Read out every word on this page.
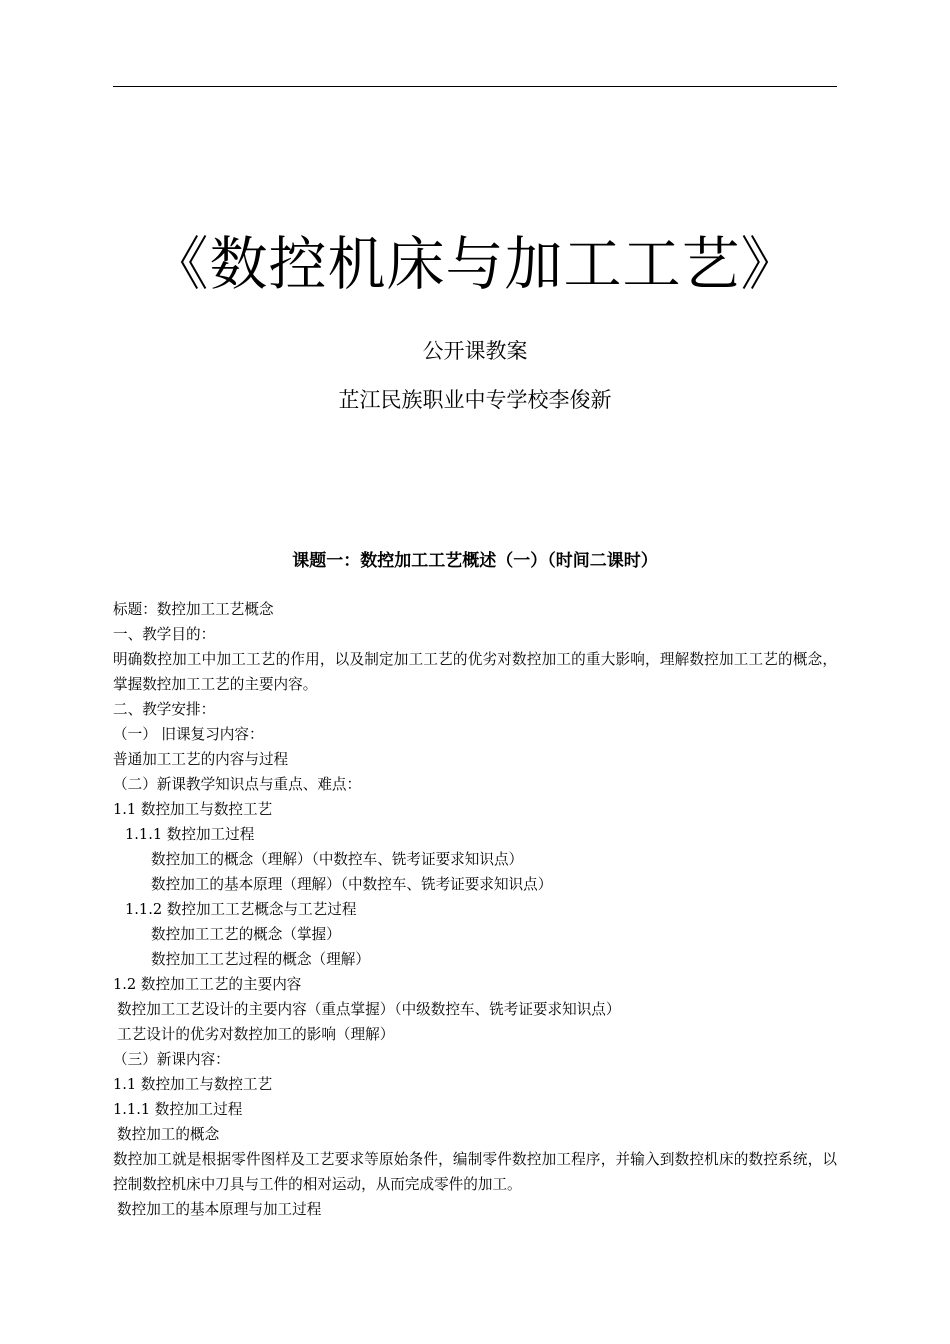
《数控机床与加工工艺》
公开课教案
芷江民族职业中专学校李俊新
课题一：数控加工工艺概述（一）（时间二课时）

标题：数控加工工艺概念

一、教学目的：

明确数控加工中加工工艺的作用，以及制定加工工艺的优劣对数控加工的重大影响，理解数控加工工艺的概念，掌握数控加工工艺的主要内容。

二、教学安排：

（一） 旧课复习内容：

普通加工工艺的内容与过程

（二）新课教学知识点与重点、难点：

1.1 数控加工与数控工艺

1.1.1 数控加工过程

数控加工的概念（理解）（中数控车、铣考证要求知识点）

数控加工的基本原理（理解）（中数控车、铣考证要求知识点）

1.1.2 数控加工工艺概念与工艺过程

数控加工工艺的概念（掌握）

数控加工工艺过程的概念（理解）

1.2 数控加工工艺的主要内容

数控加工工艺设计的主要内容（重点掌握）（中级数控车、铣考证要求知识点）

工艺设计的优劣对数控加工的影响（理解）

（三）新课内容：

1.1 数控加工与数控工艺

1.1.1 数控加工过程

数控加工的概念

数控加工就是根据零件图样及工艺要求等原始条件，编制零件数控加工程序，并输入到数控机床的数控系统，以控制数控机床中刀具与工件的相对运动，从而完成零件的加工。

数控加工的基本原理与加工过程
